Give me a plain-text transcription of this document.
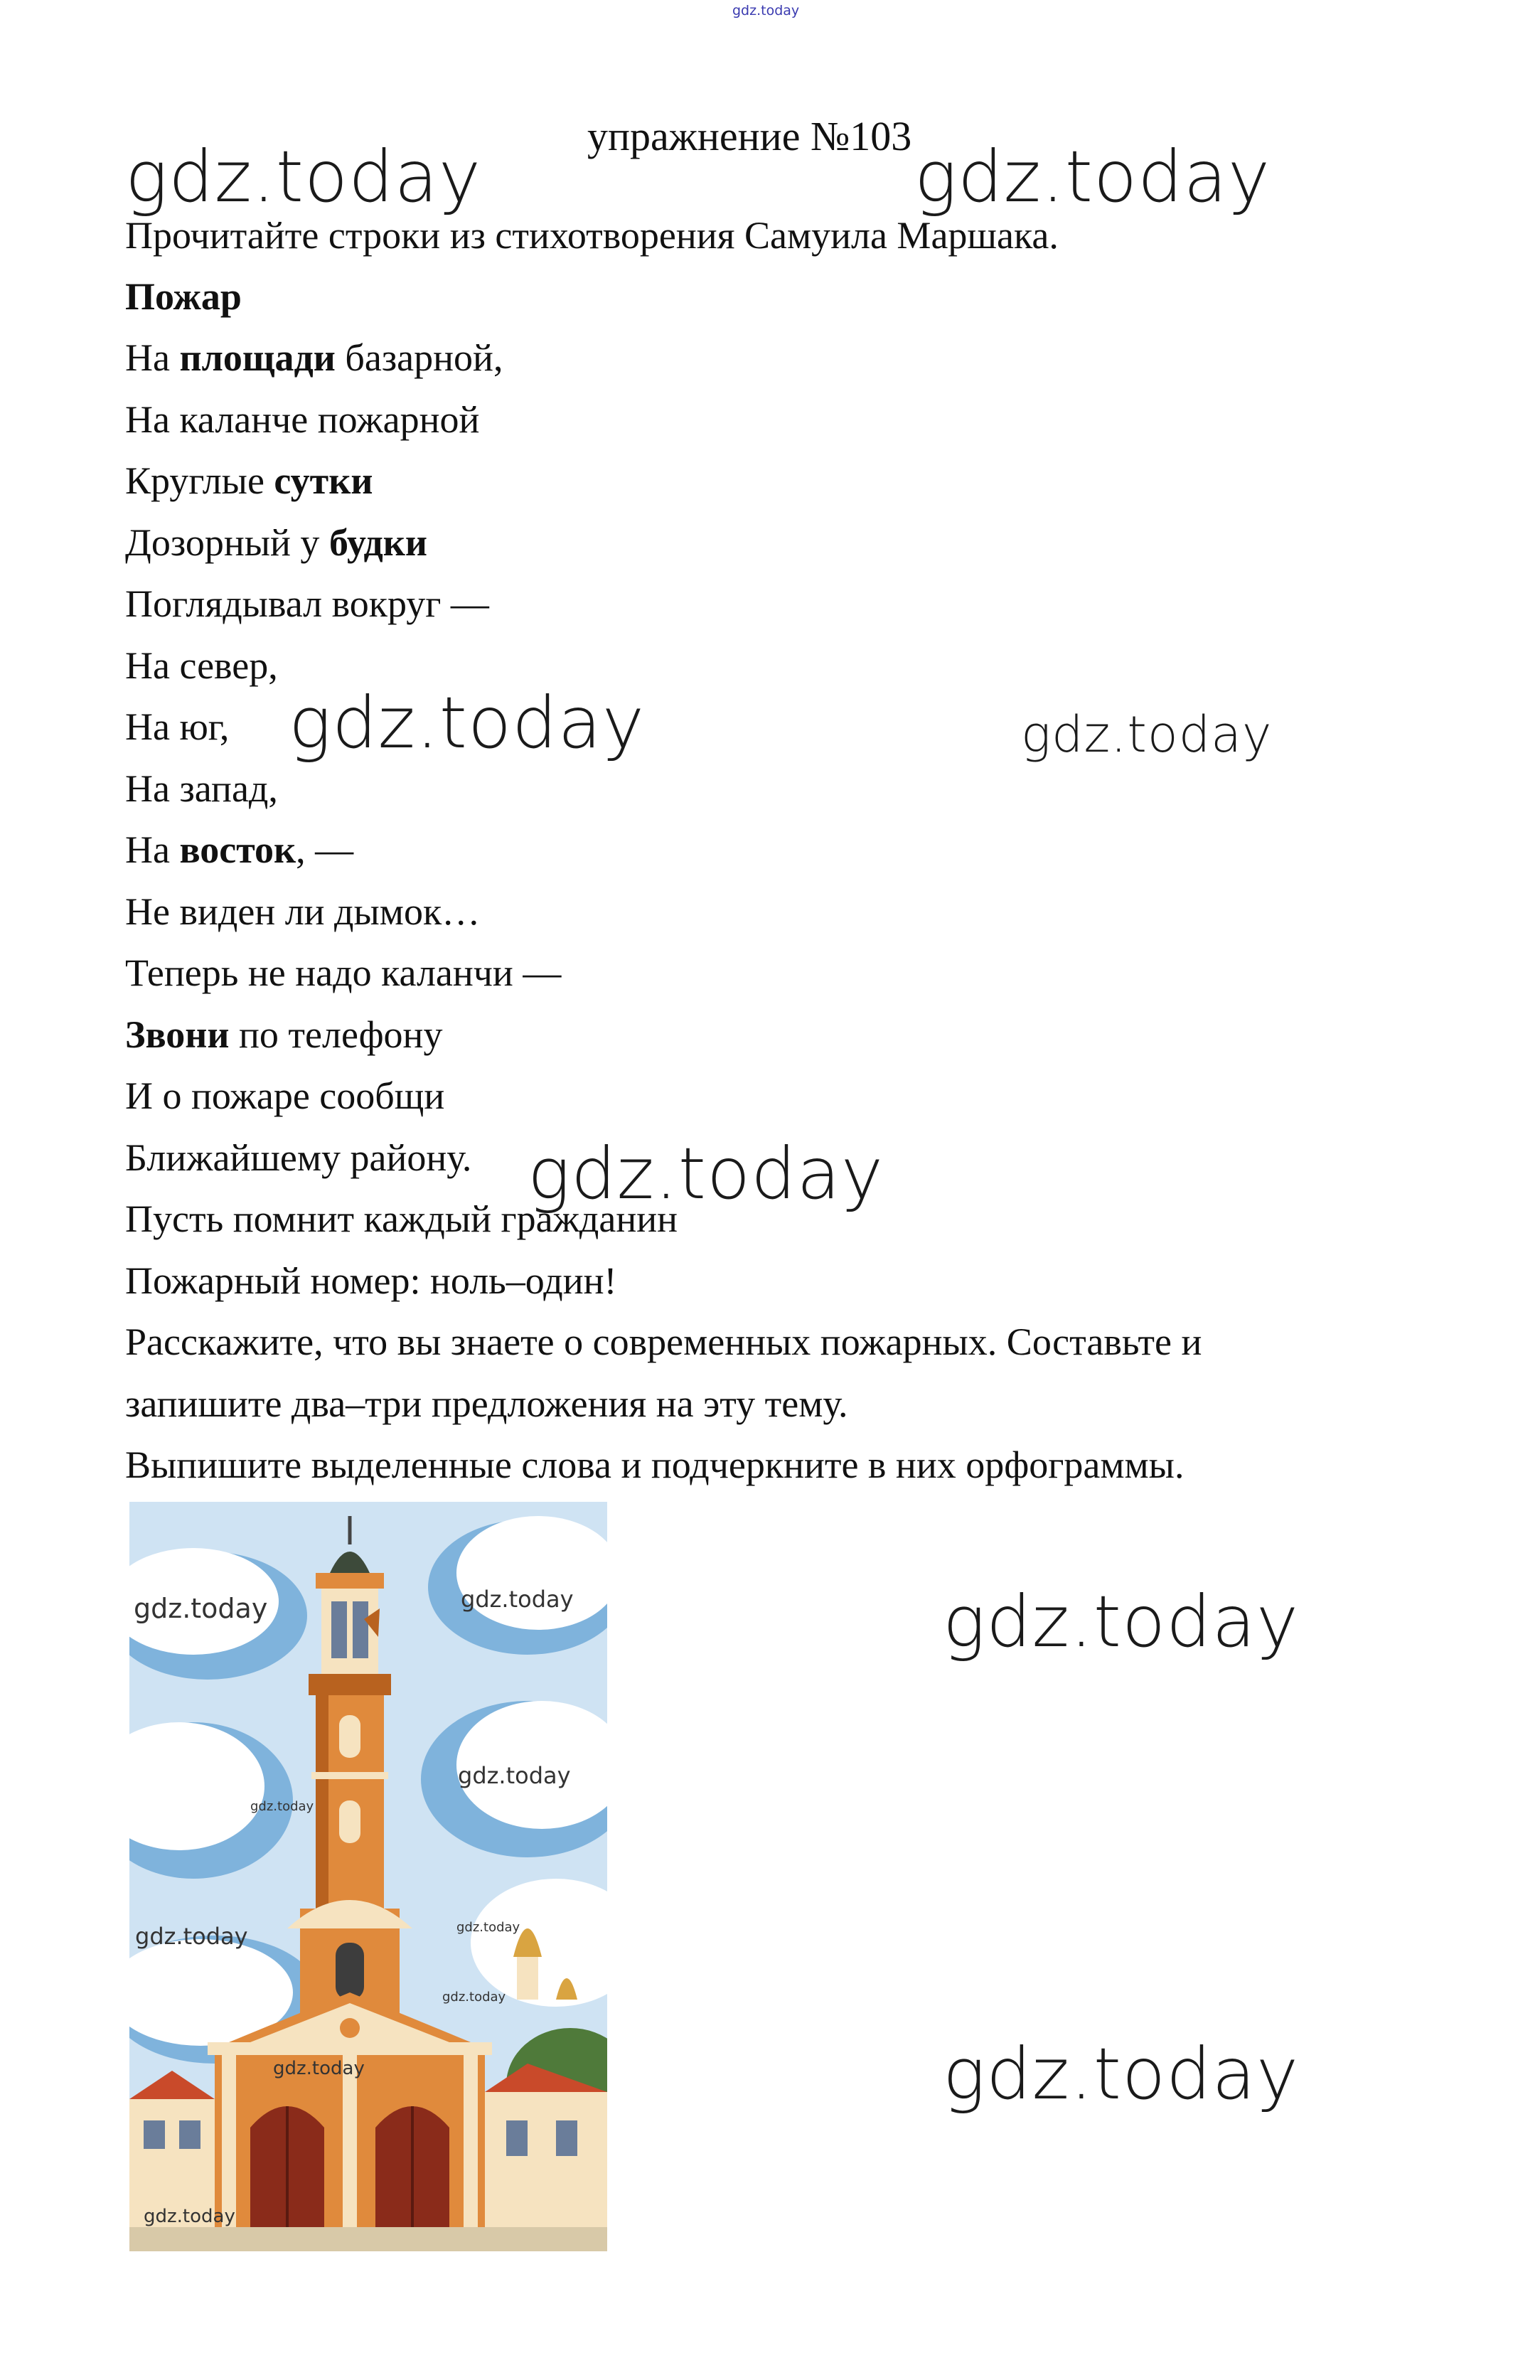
gdz.today
упражнение №103
gdz.today	gdz.today
gdz.today	gdz.today
gdz.today
gdz.today
gdz.today
Прочитайте строки из стихотворения Самуила Маршака.
Пожар
На площади базарной,
На каланче пожарной
Круглые сутки
Дозорный у будки
Поглядывал вокруг —
На север,
На юг,
На запад,
На восток, —
Не виден ли дымок…
Теперь не надо каланчи —
Звони по телефону
И о пожаре сообщи
Ближайшему району.
Пусть помнит каждый гражданин
Пожарный номер: ноль–один!
Расскажите, что вы знаете о современных пожарных. Составьте и
запишите два–три предложения на эту тему.
Выпишите выделенные слова и подчеркните в них орфограммы.
gdz.today	gdz.today
gdz.today
gdz.today
gdz.today	gdz.today
gdz.today
gdz.today
gdz.today
